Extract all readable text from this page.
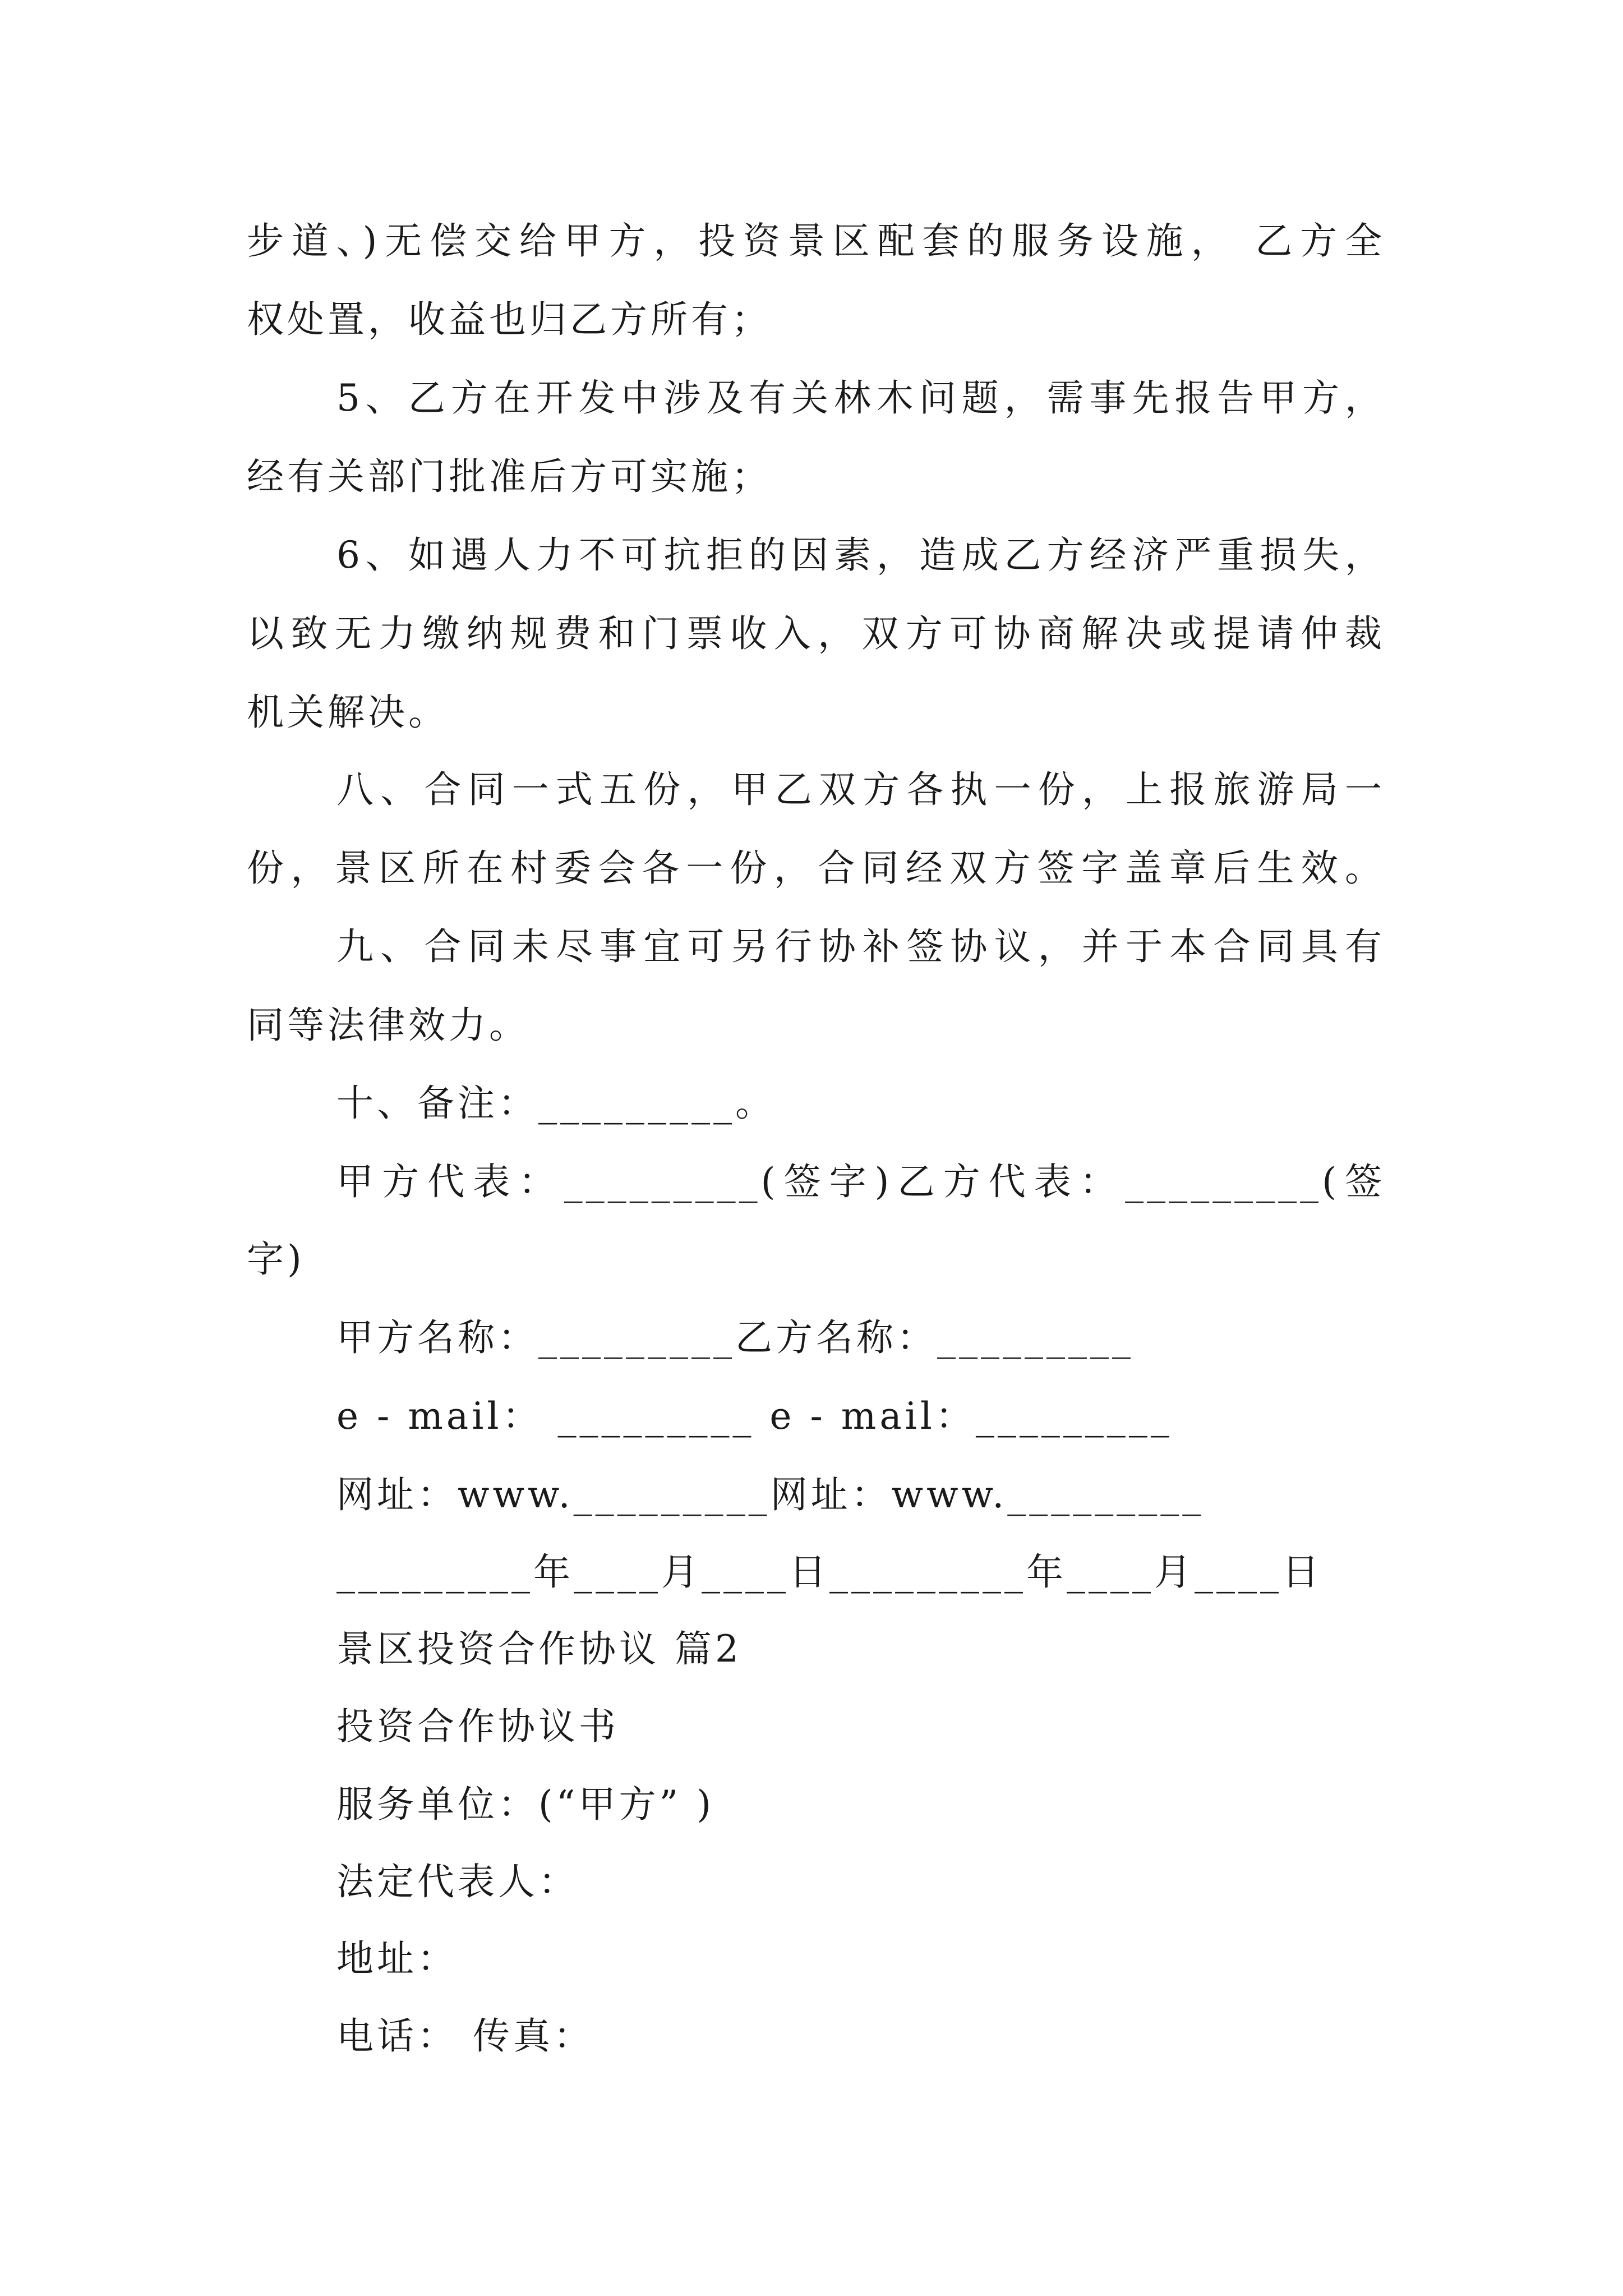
步道、)无偿交给甲方，投资景区配套的服务设施， 乙方全
权处置，收益也归乙方所有；
5、乙方在开发中涉及有关林木问题，需事先报告甲方，
经有关部门批准后方可实施；
6、如遇人力不可抗拒的因素，造成乙方经济严重损失，
以致无力缴纳规费和门票收入，双方可协商解决或提请仲裁
机关解决。
八、合同一式五份，甲乙双方各执一份，上报旅游局一
份，景区所在村委会各一份，合同经双方签字盖章后生效。
九、合同未尽事宜可另行协补签协议，并于本合同具有
同等法律效力。
十、备注：_________。
甲方代表：_________(签字)乙方代表：_________(签
字)
甲方名称：_________乙方名称：_________
e - mail： _________ e - mail：_________
网址：www._________网址：www._________
_________年____月____日_________年____月____日
景区投资合作协议 篇2
投资合作协议书
服务单位：(“甲方” )
法定代表人：
地址：
电话： 传真：
